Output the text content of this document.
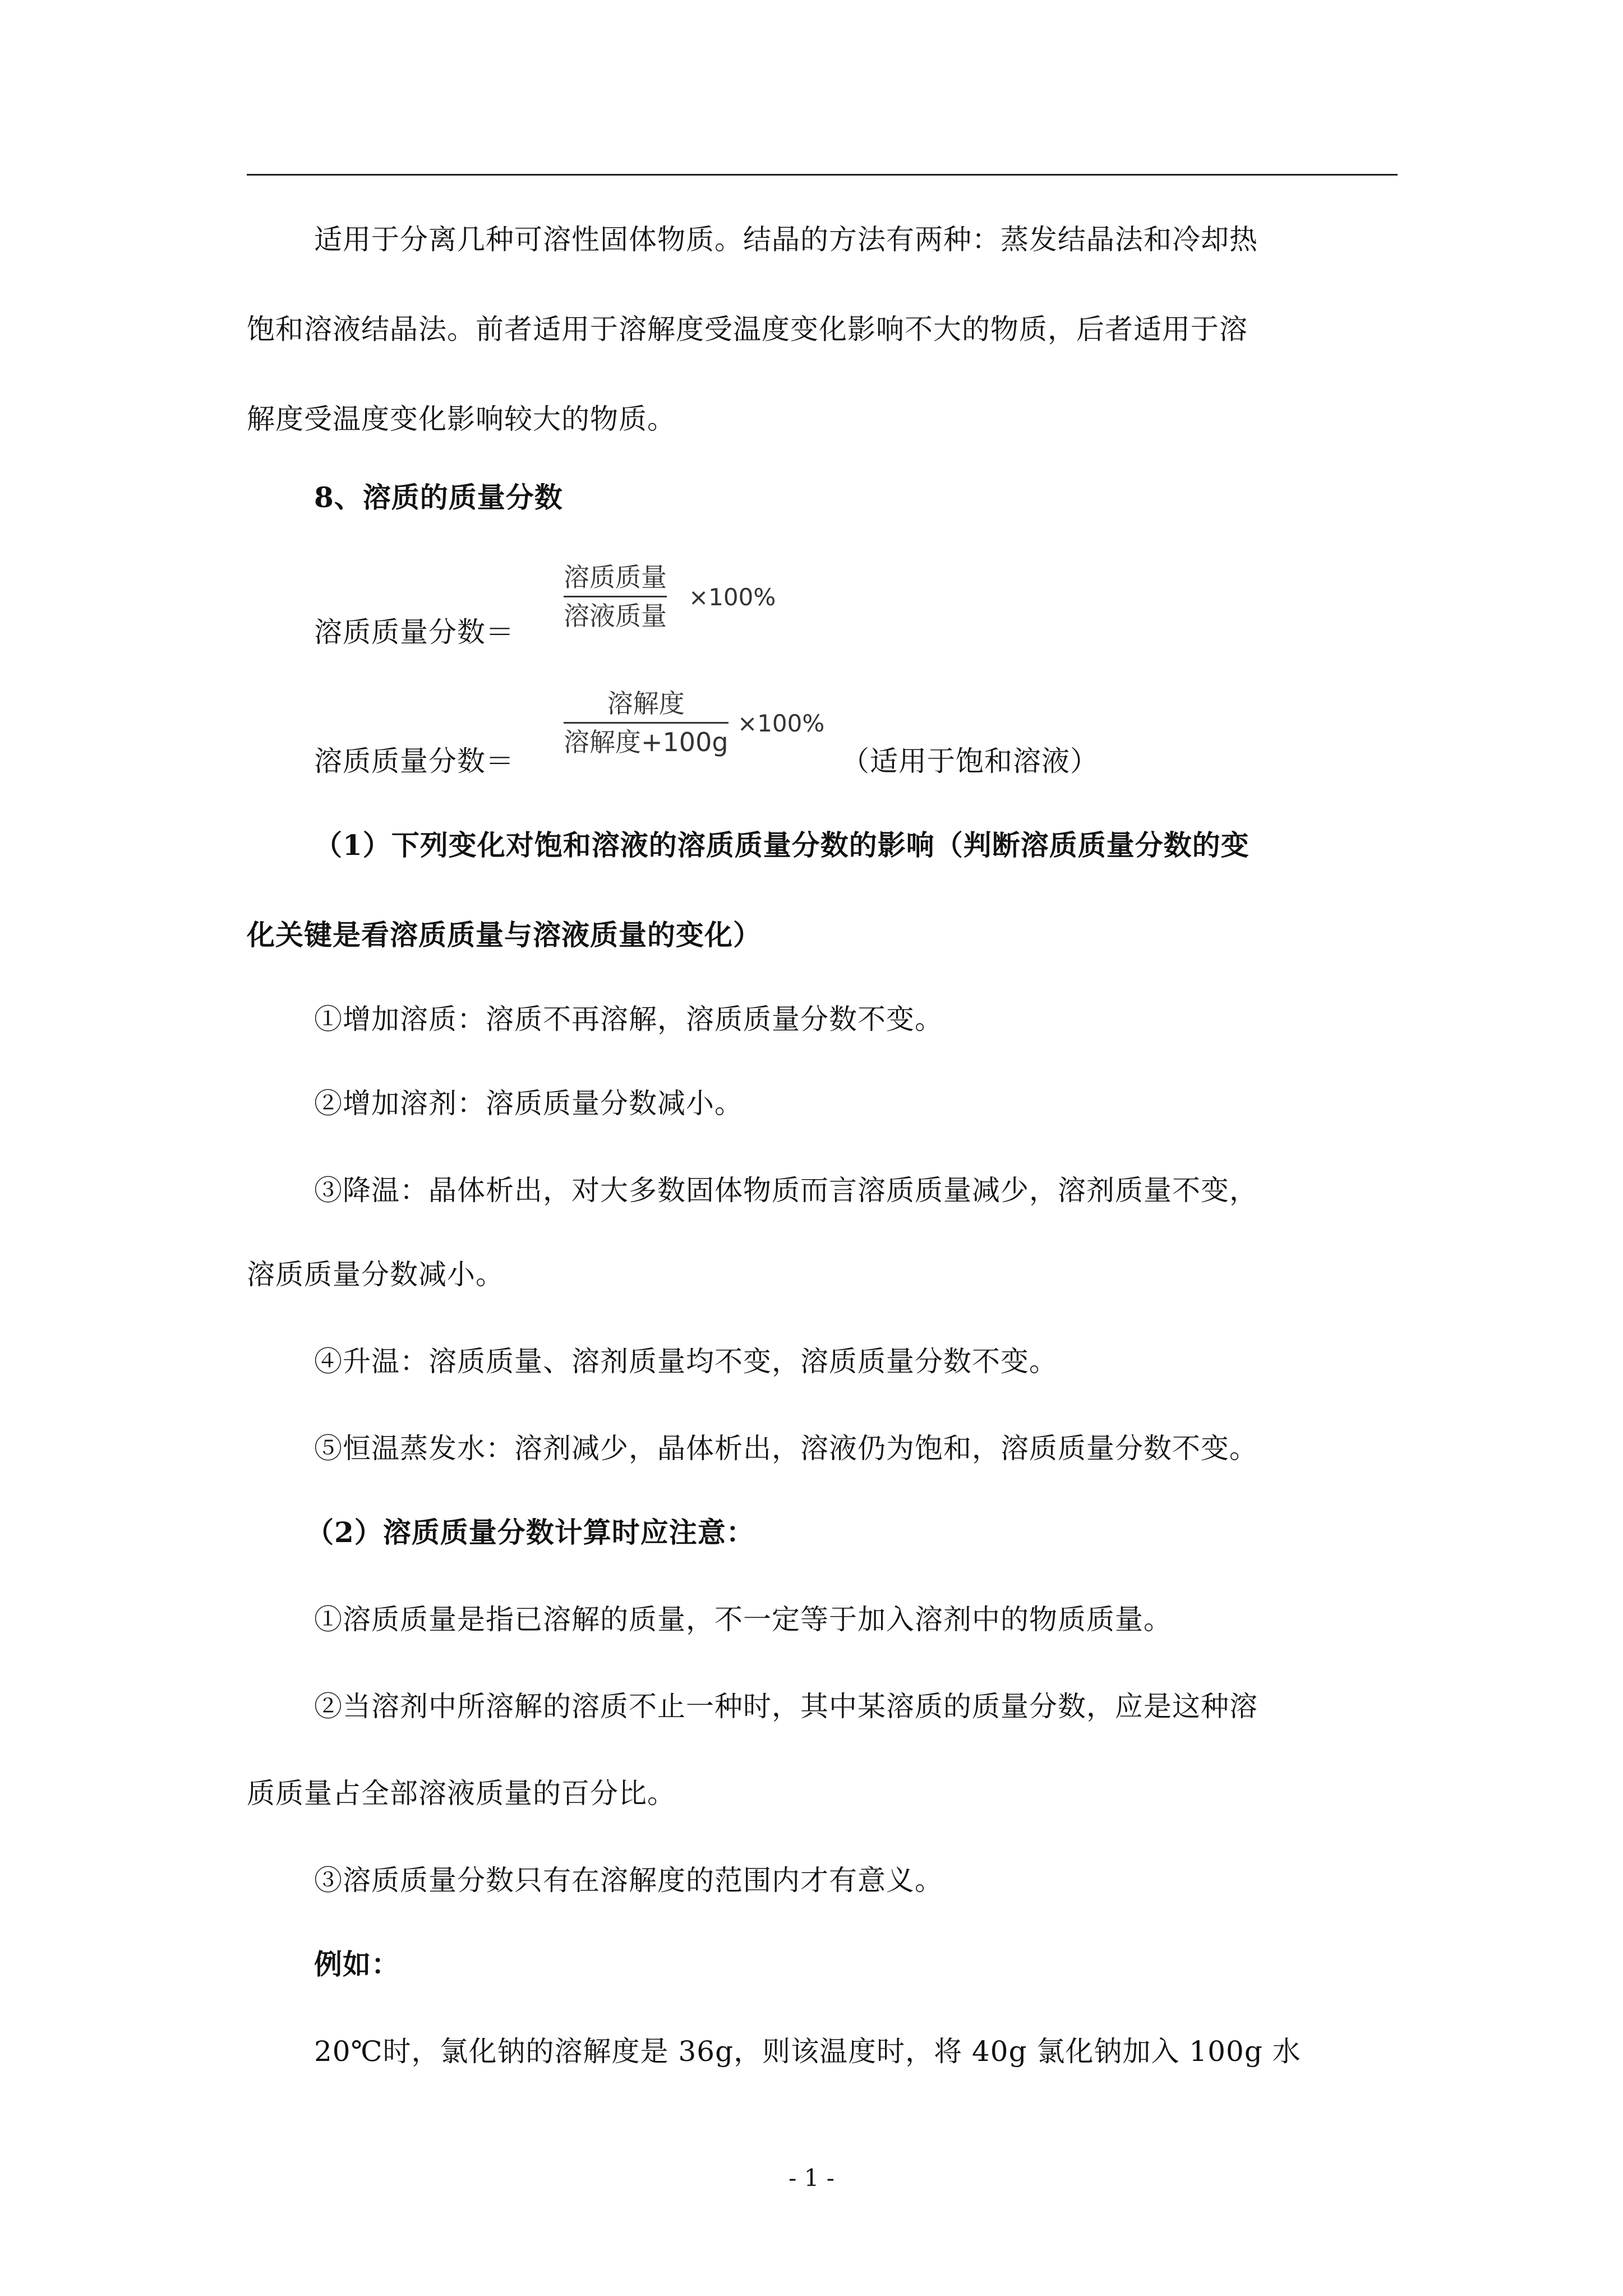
适用于分离几种可溶性固体物质。结晶的方法有两种：蒸发结晶法和冷却热
饱和溶液结晶法。前者适用于溶解度受温度变化影响不大的物质，后者适用于溶
解度受温度变化影响较大的物质。
8、溶质的质量分数
溶质质量分数＝
溶质质量
溶液质量
×100%
溶质质量分数＝
溶解度
溶解度+100g
×100%
（适用于饱和溶液）
（1）下列变化对饱和溶液的溶质质量分数的影响（判断溶质质量分数的变
化关键是看溶质质量与溶液质量的变化）
①增加溶质：溶质不再溶解，溶质质量分数不变。
②增加溶剂：溶质质量分数减小。
③降温：晶体析出，对大多数固体物质而言溶质质量减少，溶剂质量不变，
溶质质量分数减小。
④升温：溶质质量、溶剂质量均不变，溶质质量分数不变。
⑤恒温蒸发水：溶剂减少，晶体析出，溶液仍为饱和，溶质质量分数不变。
（2）溶质质量分数计算时应注意：
①溶质质量是指已溶解的质量，不一定等于加入溶剂中的物质质量。
②当溶剂中所溶解的溶质不止一种时，其中某溶质的质量分数，应是这种溶
质质量占全部溶液质量的百分比。
③溶质质量分数只有在溶解度的范围内才有意义。
例如：
20℃时，氯化钠的溶解度是 36g，则该温度时，将 40g 氯化钠加入 100g 水
- 1 -
